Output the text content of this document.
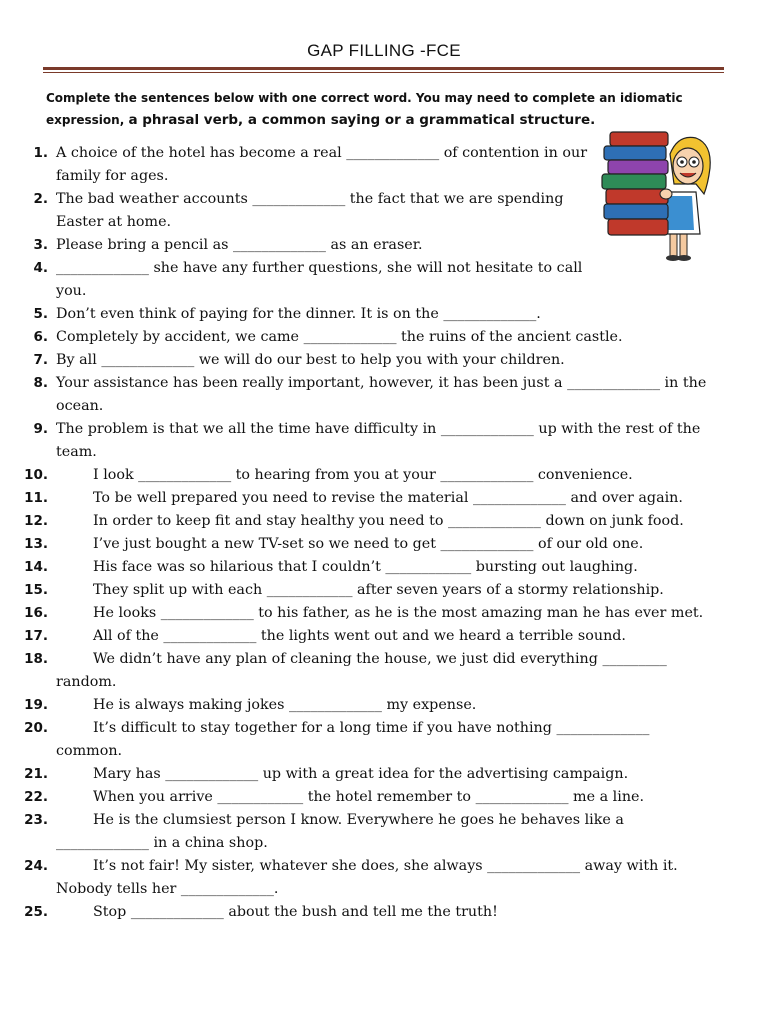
GAP FILLING -FCE
Complete the sentences below with one correct word. You may need to complete an idiomatic expression, a phrasal verb, a common saying or a grammatical structure.
1. A choice of the hotel has become a real _____________ of contention in our family for ages.
2. The bad weather accounts _____________ the fact that we are spending Easter at home.
3. Please bring a pencil as _____________ as an eraser.
4. _____________ she have any further questions, she will not hesitate to call you.
5. Don’t even think of paying for the dinner. It is on the _____________.
6. Completely by accident, we came _____________ the ruins of the ancient castle.
7. By all _____________ we will do our best to help you with your children.
8. Your assistance has been really important, however, it has been just a _____________ in the ocean.
9. The problem is that we all the time have difficulty in _____________ up with the rest of the team.
10.	I look _____________ to hearing from you at your _____________ convenience.
11.	To be well prepared you need to revise the material _____________ and over again.
12.	In order to keep fit and stay healthy you need to _____________ down on junk food.
13.	I’ve just bought a new TV-set so we need to get _____________ of our old one.
14.	His face was so hilarious that I couldn’t ____________ bursting out laughing.
15.	They split up with each ____________ after seven years of a stormy relationship.
16.	He looks _____________ to his father, as he is the most amazing man he has ever met.
17.	All of the _____________ the lights went out and we heard a terrible sound.
18.	We didn’t have any plan of cleaning the house, we just did everything _________ random.
19.	He is always making jokes _____________ my expense.
20.	It’s difficult to stay together for a long time if you have nothing _____________ common.
21.	Mary has _____________ up with a great idea for the advertising campaign.
22.	When you arrive ____________ the hotel remember to _____________ me a line.
23.	He is the clumsiest person I know. Everywhere he goes he behaves like a _____________ in a china shop.
24.	It’s not fair! My sister, whatever she does, she always _____________ away with it. Nobody tells her _____________.
25.	Stop _____________ about the bush and tell me the truth!
